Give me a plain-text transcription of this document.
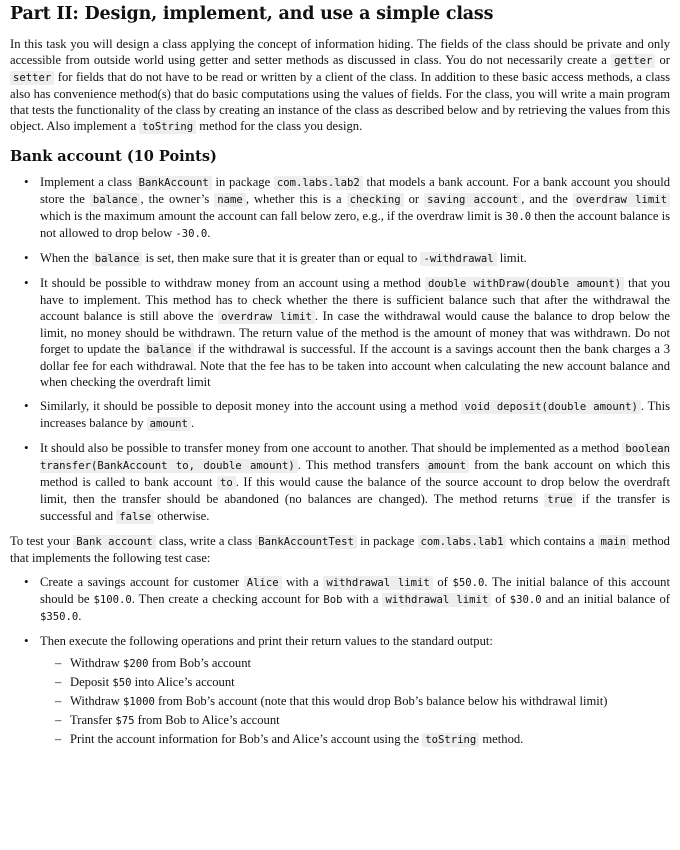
Part II: Design, implement, and use a simple class

In this task you will design a class applying the concept of information hiding. The fields of the class should be private and only accessible from outside world using getter and setter methods as discussed in class. You do not necessarily create a getter or setter for fields that do not have to be read or written by a client of the class. In addition to these basic access methods, a class also has convenience method(s) that do basic computations using the values of fields. For the class, you will write a main program that tests the functionality of the class by creating an instance of the class as described below and by retrieving the values from this object. Also implement a toString method for the class you design.

Bank account (10 Points)
• Implement a class BankAccount in package com.labs.lab2 that models a bank account. For a bank account you should store the balance , the owner’s name , whether this is a checking or saving account , and the overdraw limit which is the maximum amount the account can fall below zero, e.g., if the overdraw limit is 30.0 then the account balance is not allowed to drop below -30.0.
• When the balance is set, then make sure that it is greater than or equal to -withdrawal limit.
• It should be possible to withdraw money from an account using a method double withDraw(double amount) that you have to implement. This method has to check whether the there is sufficient balance such that after the withdrawal the account balance is still above the overdraw limit . In case the withdrawal would cause the balance to drop below the limit, no money should be withdrawn. The return value of the method is the amount of money that was withdrawn. Do not forget to update the balance if the withdrawal is successful. If the account is a savings account then the bank charges a 3 dollar fee for each withdrawal. Note that the fee has to be taken into account when calculating the new account balance and when checking the overdraft limit
• Similarly, it should be possible to deposit money into the account using a method void deposit(double amount) . This increases balance by amount .
• It should also be possible to transfer money from one account to another. That should be implemented as a method boolean transfer(BankAccount to, double amount) . This method transfers amount from the bank account on which this method is called to bank account to . If this would cause the balance of the source account to drop below the overdraft limit, then the transfer should be abandoned (no balances are changed). The method returns true if the transfer is successful and false otherwise.

To test your Bank account class, write a class BankAccountTest in package com.labs.lab1 which contains a main method that implements the following test case:

• Create a savings account for customer Alice with a withdrawal limit of $50.0. The initial balance of this account should be $100.0. Then create a checking account for Bob with a withdrawal limit of $30.0 and an initial balance of $350.0.
• Then execute the following operations and print their return values to the standard output:
– Withdraw $200 from Bob’s account
– Deposit $50 into Alice’s account
– Withdraw $1000 from Bob’s account (note that this would drop Bob’s balance below his withdrawal limit)
– Transfer $75 from Bob to Alice’s account
– Print the account information for Bob’s and Alice’s account using the toString method.
